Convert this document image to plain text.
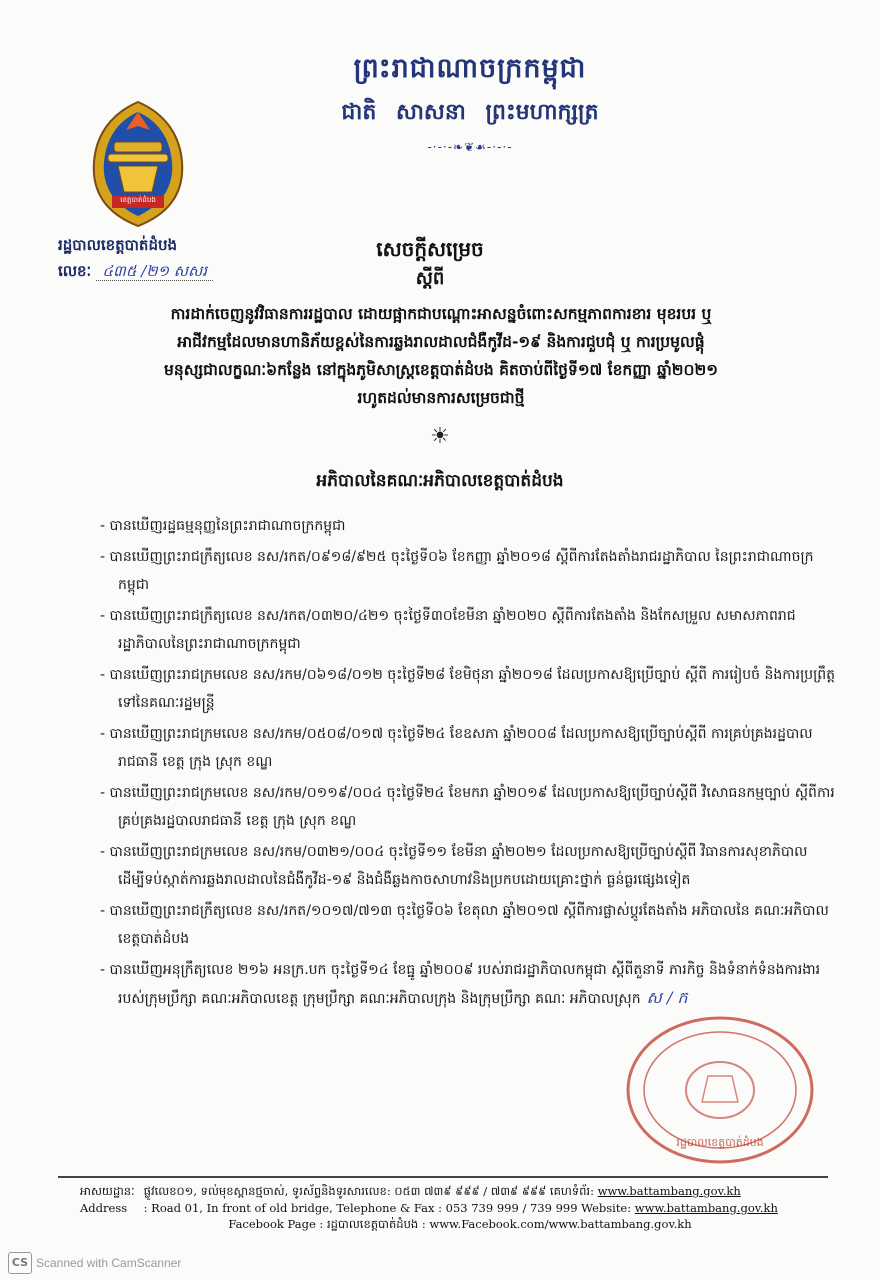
ព្រះរាជាណាចក្រកម្ពុជា
ជាតិ សាសនា ព្រះមហាក្សត្រ
-·-·-❧❦☙-·-·-
ខេត្តបាត់ដំបង
រដ្ឋបាលខេត្តបាត់ដំបង
លេខៈ ៤៣៥ /២១ សសរ
សេចក្ដីសម្រេច
ស្ដីពី
ការដាក់ចេញនូវវិធានការរដ្ឋបាល ដោយផ្អាកជាបណ្ដោះអាសន្នចំពោះសកម្មភាពការខារ មុខរបរ ឬ
អាជីវកម្មដែលមានហានិភ័យខ្ពស់នៃការឆ្លងរាលដាលជំងឺកូវីដ-១៩ និងការជួបជុំ ឬ ការប្រមូលផ្ដុំ
មនុស្សជាលក្ខណៈ៦កន្លែង នៅក្នុងភូមិសាស្ត្រខេត្តបាត់ដំបង គិតចាប់ពីថ្ងៃទី១៧ ខែកញ្ញា ឆ្នាំ២០២១
រហូតដល់មានការសម្រេចជាថ្មី
☀
អភិបាលនៃគណៈអភិបាលខេត្តបាត់ដំបង
- បានឃើញរដ្ឋធម្មនុញ្ញនៃព្រះរាជាណាចក្រកម្ពុជា
- បានឃើញព្រះរាជក្រឹត្យលេខ នស/រកត/០៩១៨/៩២៥ ចុះថ្ងៃទី០៦ ខែកញ្ញា ឆ្នាំ២០១៨ ស្ដីពីការតែងតាំងរាជរដ្ឋាភិបាល នៃព្រះរាជាណាចក្រកម្ពុជា
- បានឃើញព្រះរាជក្រឹត្យលេខ នស/រកត/០៣២០/៤២១ ចុះថ្ងៃទី៣០ខែមីនា ឆ្នាំ២០២០ ស្ដីពីការតែងតាំង និងកែសម្រួល សមាសភាពរាជរដ្ឋាភិបាលនៃព្រះរាជាណាចក្រកម្ពុជា
- បានឃើញព្រះរាជក្រមលេខ នស/រកម/០៦១៨/០១២ ចុះថ្ងៃទី២៨ ខែមិថុនា ឆ្នាំ២០១៨ ដែលប្រកាសឱ្យប្រើច្បាប់ ស្ដីពី ការរៀបចំ និងការប្រព្រឹត្តទៅនៃគណៈរដ្ឋមន្ត្រី
- បានឃើញព្រះរាជក្រមលេខ នស/រកម/០៥០៨/០១៧ ចុះថ្ងៃទី២៤ ខែឧសភា ឆ្នាំ២០០៨ ដែលប្រកាសឱ្យប្រើច្បាប់ស្ដីពី ការគ្រប់គ្រងរដ្ឋបាលរាជធានី ខេត្ត ក្រុង ស្រុក ខណ្ឌ
- បានឃើញព្រះរាជក្រមលេខ នស/រកម/០១១៩/០០៤ ចុះថ្ងៃទី២៤ ខែមករា ឆ្នាំ២០១៩ ដែលប្រកាសឱ្យប្រើច្បាប់ស្ដីពី វិសោធនកម្មច្បាប់ ស្ដីពីការគ្រប់គ្រងរដ្ឋបាលរាជធានី ខេត្ត ក្រុង ស្រុក ខណ្ឌ
- បានឃើញព្រះរាជក្រមលេខ នស/រកម/០៣២១/០០៤ ចុះថ្ងៃទី១១ ខែមីនា ឆ្នាំ២០២១ ដែលប្រកាសឱ្យប្រើច្បាប់ស្ដីពី វិធានការសុខាភិបាលដើម្បីទប់ស្កាត់ការឆ្លងរាលដាលនៃជំងឺកូវីដ-១៩ និងជំងឺឆ្លងកាចសាហាវនិងប្រកបដោយគ្រោះថ្នាក់ ធ្ងន់ធ្ងរផ្សេងទៀត
- បានឃើញព្រះរាជក្រឹត្យលេខ នស/រកត/១០១៧/៧១៣ ចុះថ្ងៃទី០៦ ខែតុលា ឆ្នាំ២០១៧ ស្ដីពីការផ្លាស់ប្ដូរតែងតាំង អភិបាលនៃ គណៈអភិបាលខេត្តបាត់ដំបង
- បានឃើញអនុក្រឹត្យលេខ ២១៦ អនក្រ.បក ចុះថ្ងៃទី១៤ ខែធ្នូ ឆ្នាំ២០០៩ របស់រាជរដ្ឋាភិបាលកម្ពុជា ស្ដីពីតួនាទី ភារកិច្ច និងទំនាក់ទំនងការងាររបស់ក្រុមប្រឹក្សា គណៈអភិបាលខេត្ត ក្រុមប្រឹក្សា គណៈអភិបាលក្រុង និងក្រុមប្រឹក្សា គណៈ អភិបាលស្រុក ស / ក
រដ្ឋបាលខេត្តបាត់ដំបង
អាសយដ្ឋានៈ ផ្លូវលេខ០១, ទល់មុខស្ពានថ្មចាស់, ទូរស័ព្ទនិងទូរសារលេខ: ០៥៣ ៧៣៩ ៩៩៩ / ៧៣៩ ៩៩៩ គេហទំព័រ: www.battambang.gov.kh
Address : Road 01, In front of old bridge, Telephone & Fax : 053 739 999 / 739 999 Website: www.battambang.gov.kh
Facebook Page : រដ្ឋបាលខេត្តបាត់ដំបង : www.Facebook.com/www.battambang.gov.kh
CS Scanned with CamScanner
